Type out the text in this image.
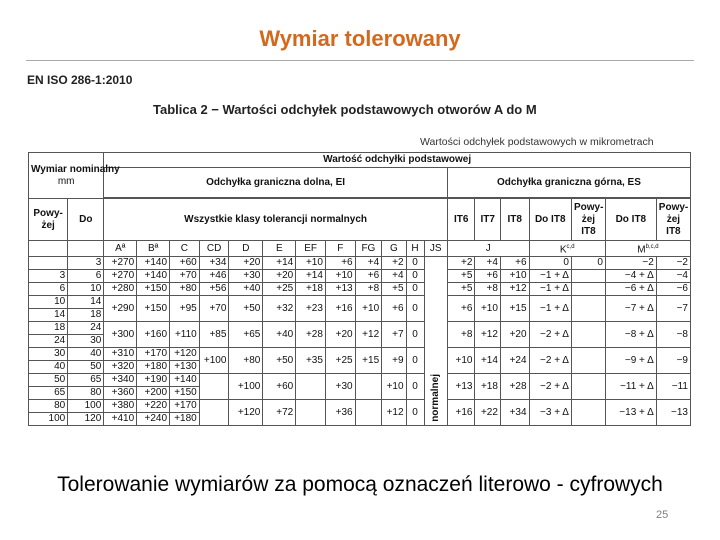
Wymiar tolerowany
EN ISO 286-1:2010
Tablica 2 − Wartości odchyłek podstawowych otworów A do M
Wartości odchyłek podstawowych w mikrometrach
Wymiar nominalny
mm		Wartość odchyłki podstawowej																		
		Odchyłka graniczna dolna, EI												Odchyłka graniczna górna, ES						

Powy-żej	Do	Wszystkie klasy tolerancji normalnych												IT6	IT7	IT8	Do IT8	Powy-żej IT8	Do IT8	Powy-żej IT8
		Aª	Bª	C	CD	D	E	EF	F	FG	G	H	JS	J			K$^{c,d}$		M$^{b,c,d}$
	3	+270	+140	+60	+34	+20	+14	+10	+6	+4	+2	0	normalnej	+2	+4	+6	0	0	−2	−2
3	6	+270	+140	+70	+46	+30	+20	+14	+10	+6	+4	0		+5	+6	+10	−1 + Δ		−4 + Δ	−4
6	10	+280	+150	+80	+56	+40	+25	+18	+13	+8	+5	0		+5	+8	+12	−1 + Δ		−6 + Δ	−6
10	14	+290	+150	+95	+70	+50	+32	+23	+16	+10	+6	0		+6	+10	+15	−1 + Δ		−7 + Δ	−7
14	18																			
18	24	+300	+160	+110	+85	+65	+40	+28	+20	+12	+7	0		+8	+12	+20	−2 + Δ		−8 + Δ	−8
24	30																			
30	40	+310	+170	+120	+100	+80	+50	+35	+25	+15	+9	0		+10	+14	+24	−2 + Δ		−9 + Δ	−9
40	50	+320	+180	+130																
50	65	+340	+190	+140		+100	+60		+30		+10	0		+13	+18	+28	−2 + Δ		−11 + Δ	−11
65	80	+360	+200	+150																
80	100	+380	+220	+170		+120	+72		+36		+12	0		+16	+22	+34	−3 + Δ		−13 + Δ	−13
100	120	+410	+240	+180																
Tolerowanie wymiarów za pomocą oznaczeń literowo - cyfrowych
25
